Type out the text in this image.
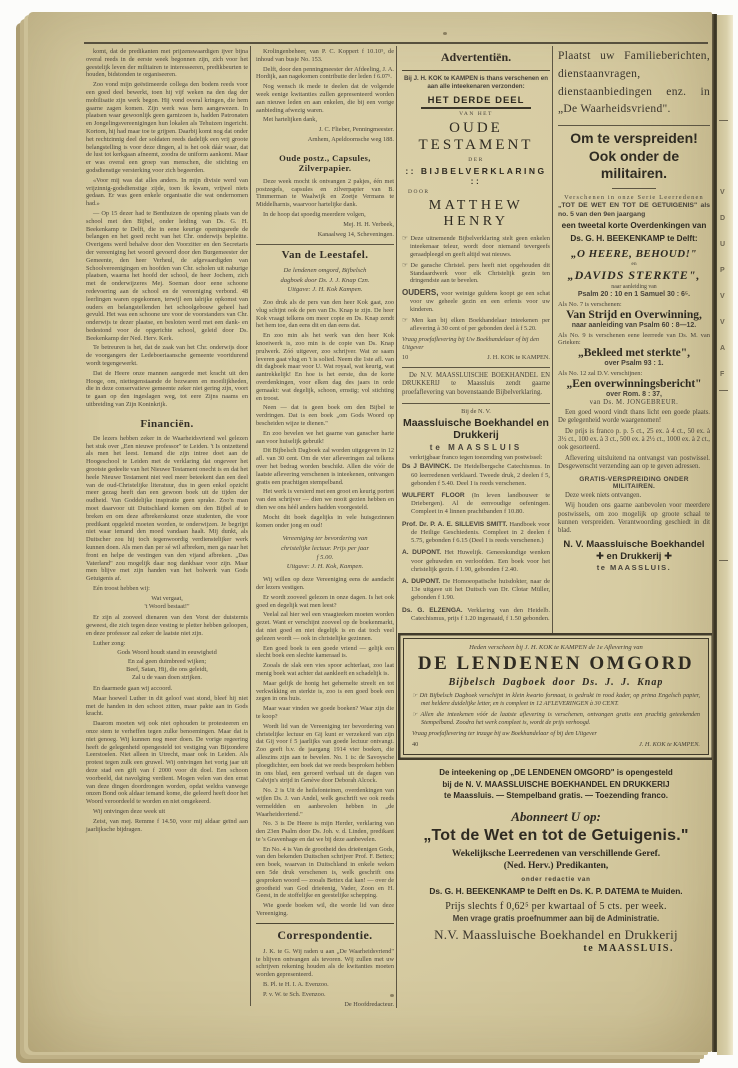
komt, dat de predikanten met prijzenswaardigen ijver bijna overal reeds in de eerste week begonnen zijn, zich voor het geestelijk leven der militairen te interesseeren, predikbeurten te houden, bidstonden te organiseeren.
Zoo vond mijn geëstimeerde collega den bodem reeds voor een goed deel bewerkt, toen hij vijf weken na den dag der mobilisatie zijn werk begon. Hij vond overal kringen, die hem gaarne zagen komen. Zijn werk was hem aangewezen. In plaatsen waar gewoonlijk geen garnizoen is, hadden Patronaten en Jongelingsvereenigingen hun lokalen als Tehuizen ingericht. Kortom, hij had maar toe te grijpen. Daarbij komt nog dat onder het rechtzinnig deel der soldaten reeds dadelijk een vrij groote belangstelling is voor deze dingen, al is het ook dáár waar, dat de lust tot kerkgaan afneemt, zoodra de uniform aankomt. Maar er was overal een groep van menschen, die stichting en godsdienstige versterking voor zich begeerden.
«Voor mij was dat alles anders. In mijn divisie werd van vrijzinnig-godsdienstige zijde, toen ik kwam, vrijwel niets gedaan. Er was geen enkele organisatie die wat ondernomen had.»
— Op 15 dezer had te Benthuizen de opening plaats van de school met den Bijbel, onder leiding van Ds. G. H. Beekenkamp te Delft, die in eene keurige openingsrede de belangen en het goed recht van het Chr. onderwijs bepleitte. Overigens werd behalve door den Voorzitter en den Secretaris der vereeniging het woord gevoerd door den Burgemeester der Gemeente, den heer Verheul, de afgevaardigden van Schoolvereenigingen en hoofden van Chr. scholen uit naburige plaatsen, waarna het hoofd der school, de heer Jochem, zich met de onderwijzeres Mej. Soeman door eene schoone redevoering aan de school en de vereeniging verbond. 48 leerlingen waren opgekomen, terwijl een talrijke opkomst van ouders en belangstellenden het schoolgebouw geheel had gevuld. Het was een schoone ure voor de voorstanders van Chr. onderwijs te dezer plaatse, en besloten werd met een dank- en bedestond voor de opgerichte school, geleid door Ds. Beekenkamp der Ned. Herv. Kerk.
Te betreuren is het, dat de zaak van het Chr. onderwijs door de voorgangers der Ledeboeriaansche gemeente voortdurend wordt tegengewerkt.
Dat de Heere onze mannen aangorde met kracht uit den Hooge, om, niettegenstaande de bezwaren en moeilijkheden, die in deze conservatieve gemeente zeker niet gering zijn, voort te gaan op den ingeslagen weg, tot eere Zijns naams en uitbreiding van Zijn Koninkrijk.
Financiën.
De lezers hebben zeker in de Waarheidsvriend wel gelezen het stuk over „Een nieuwe professor" te Leiden. 't Is ontzettend als men het leest. Iemand die zijn intree doet aan de Hoogeschool te Leiden met de verklaring dat ongeveer het grootste gedeelte van het Nieuwe Testament onecht is en dat het heele Nieuwe Testament niet veel meer beteekent dan een deel van de oud-Christelijke literatuur, dus in geen enkel opzicht meer gezag heeft dan een gewoon boek uit de tijden der oudheid. Van Goddelijke inspiratie geen sprake. Zoo'n man moet daarvoor uit Duitschland komen om den Bijbel af te breken en om deze afbrekerskunst onze studenten, die voor predikant opgeleid moeten worden, te onderwijzen. Je begrijpt niet waar iemand den moed vandaan haalt. Mij dunkt, als Duitscher zou hij toch tegenwoordig verdienstelijker werk kunnen doen. Als men dan per sé wil afbreken, men ga naar het front en helpe de vestingen van den vijand afbreken. „Das Vaterland" zou mogelijk daar nog dankbaar voor zijn. Maar men blijve met zijn handen van het bolwerk van Gods Getuigenis af.
Eén troost hebben wij:
Wat vergaat,
't Woord bestaat!"
Er zijn al zooveel dienaren van den Vorst der duisternis geweest, die zich tegen deze vesting te pletter hebben geloopen, en deze professor zal zeker de laatste niet zijn.
Luther zong:
Gods Woord houdt stand in eeuwigheid
En zal geen duimbreed wijken;
Beef, Satan, Hij, die ons geleidt,
Zal u de vaan doen strijken.
En daarmede gaan wij accoord.
Maar hoewel Luther in dit geloof vast stond, bleef hij niet met de handen in den schoot zitten, maar pakte aan in Gods kracht.
Daarom moeten wij ook niet ophouden te protesteeren en onze stem te verheffen tegen zulke benoemingen. Maar dat is niet genoeg. Wij kunnen nog meer doen. De vorige regeering heeft de gelegenheid opengesteld tot vestiging van Bijzondere Leerstoelen. Niet alleen in Utrecht, maar ook in Leiden. Als protest tegen zulk een gruwel. Wij ontvingen het vorig jaar uit deze stad een gift van f 2000 voor dit doel. Een schoon voorbeeld, dat navolging verdient. Mogen velen van den ernst van deze dingen doordrongen worden, opdat weldra vanwege onzen Bond ook aldaar iemand kome, die geleerd heeft door het Woord veroordeeld te worden en niet omgekeerd.
Wij ontvingen deze week uit
Zeist, van mej. Remme f 14.50, voor mij aldaar geïnd aan jaarlijksche bijdragen.
Krolingenbeheer, van P. C. Koppert f 10.10⁵, de inhoud van busje No. 153.
Delft, door den penningmeester der Afdeeling, J. A. Hordijk, aan nagekomen contributie der leden f 6.07⁵.
Nog wensch ik mede te deelen dat de volgende week eenige kwitanties zullen gepresenteerd worden aan nieuwe leden en aan enkelen, die bij een vorige aanbieding afwezig waren.
Met hartelijken dank,
J. C. Flieber, Penningmeester.
Arnhem, Apeldoornsche weg 188.
Oude postz., Capsules, Zilverpapier.
Deze week mocht ik ontvangen 2 pakjes, één met postzegels, capsules en zilverpapier van B. Timmerman te Waalwijk en Zoetje Vermans te Middelharnis, waarvoor hartelijke dank.
In de hoop dat spoedig meerdere volgen,
Mej. H. H. Verbeek,
Kanaalweg 14, Scheveningen.
Van de Leestafel.
De lendenen omgord, Bijbelsch
dagboek door Ds. J. J. Knap Czn.
Uitgave: J. H. Kok Kampen.
Zoo druk als de pers van den heer Kok gaat, zoo vlug schijnt ook de pen van Ds. Knap te zijn. De heer Kok vraagt telkens om meer copie en Ds. Knap zendt het hem toe, dan eens dit en dan eens dat.
En zoo min als het werk van den heer Kok knoeiwerk is, zoo min is de copie van Ds. Knap prulwerk. Zóó uitgever, zoo schrijver. Wat ze saam leveren gaat vlug en 't is solied. Neem die 1ste afl. van dit dagboek maar voor U. Wat royaal, wat keurig, wat aantrekkelijk! En hoe is het eerste, dus de korte overdenkingen, voor elken dag des jaars in orde gemaakt: wat degelijk, schoon, ernstig; vol stichting en troost.
Neen — dat is geen boek om den Bijbel te verdringen. Dat is een boek „om Gods Woord op bescheiden wijze te dienen."
En zoo bevelen we het gaarne van ganscher harte aan voor huiselijk gebruik!
Dit Bijbelsch Dagboek zal worden uitgegeven in 12 afl. van 30 cent. Om de vier afleveringen zal telkens over het bedrag worden beschikt. Allen die vóór de laatste aflevering verschenen is inteekenen, ontvangen gratis een prachtigen stempelband.
Het werk is versierd met een groot en keurig portret van den schrijver — dien we nooit gezien hebben en dien we ons héél anders hadden voorgesteld.
Mocht dit boek dagelijks in vele huisgezinnen komen onder jong en oud!
Vereeniging ter bevordering van
christelijke lectuur. Prijs per jaar
f 5.00.
Uitgave: J. H. Kok, Kampen.
Wij willen op deze Vereeniging eens de aandacht der lezers vestigen.
Er wordt zooveel gelezen in onze dagen. Is het ook goed en degelijk wat men leest?
Veelal zal hier wel een vraagteeken moeten worden gezet. Want er verschijnt zooveel op de boekenmarkt, dat niet goed en niet degelijk is en dat toch veel gelezen wordt — ook in christelijke gezinnen.
Een goed boek is een goede vriend — gelijk een slecht boek een slechte kameraad is.
Zooals de slak een vies spoor achterlaat, zoo laat menig boek wat achter dat aankleeft en schadelijk is.
Maar gelijk de honig het gehemelte streelt en tot verkwikking en sterkte is, zoo is een goed boek een zegen in ons huis.
Maar waar vinden we goede boeken? Waar zijn die te koop?
Wordt lid van de Vereeniging ter bevordering van christelijke lectuur en Gij kunt er verzekerd van zijn dat Gij voor f 5 jaarlijks van goede lectuur ontvangt. Zoo geeft b.v. de jaargang 1914 vier boeken, die alleszins zijn aan te bevelen. No. 1 is: de Savoysche ploegdichter, een boek dat we reeds besproken hebben in ons blad, een geroerd verhaal uit de dagen van Calvijn's strijd in Genève door Deborah Alcock.
No. 2 is Uit de heilsfonteinen, overdenkingen van wijlen Ds. J. van Andel, welk geschrift we ook reeds vermeldden en aanbevolen hebben in „de Waarheidsvriend."
No. 3 is De Heere is mijn Herder, verklaring van den 23en Psalm door Ds. Joh. v. d. Linden, predikant te 's Gravenhage en dat we bij deze aanbevelen.
En No. 4 is Van de grootheid des drieëenigen Gods, van den bekenden Duitschen schrijver Prof. F. Bettex; een boek, waarvan in Duitschland in enkele weken een 5de druk verschenen is, welk geschrift ons gesproken woord — zooals Bettex dat kan! — over de grootheid van God drieëenig, Vader, Zoon en H. Geest, in de stoffelijke en geestelijke schepping.
Wie goede boeken wil, die worde lid van deze Vereeniging.
Correspondentie.
J. K. te G. Wij raden u aan „De Waarheidsvriend" te blijven ontvangen als tevoren. Wij zullen met uw schrijven rekening houden als de kwitanties moeten worden gepresenteerd.
B. Pl. te H. I. A. Evenzoo.
P. v. W. te Sch. Evenzoo.
De Hoofdredacteur.
Advertentiën.
Bij J. H. KOK te KAMPEN is thans verschenen en aan alle inteekenaren verzonden:
HET DERDE DEEL
VAN HET
OUDE TESTAMENT
DER
:: BIJBELVERKLARING ::
DOOR
MATTHEW HENRY
☞ Deze uitnemende Bijbelverklaring stelt geen enkelen inteekenaar teleur, wordt door niemand tevergeefs geraadpleegd en geeft altijd wat nieuws.
☞ De gansche Christel. pers heeft niet opgehouden dit Standaardwerk voor elk Christelijk gezin ten dringendste aan te bevelen.
OUDERS, voor weinige guldens koopt ge een schat voor uw geheele gezin en een erfenis voor uw kinderen.
☞ Men kan bij elken Boekhandelaar inteekenen per aflevering à 30 cent of per gebonden deel à f 5.20.
Vraag proefaflevering bij Uw Boekhandelaar of bij den Uitgever
10	J. H. KOK te KAMPEN.
De N.V. MAASSLUISCHE BOEKHANDEL EN DRUKKERIJ te Maassluis zendt gaarne proefaflevering van bovenstaande Bijbelverklaring.
Bij de N. V.
Maassluische Boekhandel en Drukkerij
te MAASSLUIS
verkrijgbaar franco tegen toezending van postwissel:
Ds J BAVINCK. De Heidelbergsche Catechismus. In 60 leerredenen verklaard. Tweede druk, 2 deelen f 5, gebonden f 5.40. Deel I is reeds verschenen.
WULFERT FLOOR (In leven landbouwer te Driebergen). Al de eenvoudige oefeningen. Compleet in 4 linnen prachtbanden f 10.80.
Prof. Dr. P. A. E. SILLEVIS SMITT. Handboek voor de Heilige Geschiedenis. Compleet in 2 deelen f 5.75, gebonden f 6.15 (Deel I is reeds verschenen.)
A. DUPONT. Het Huwelijk. Geneeskundige wenken voor gehuwden en verloofden. Een boek voor het christelijk gezin. f 1.90, gebonden f 2.40.
A. DUPONT. De Homoeopatische huisdokter, naar de 13e uitgave uit het Duitsch van Dr. Clotar Müller, gebonden f 1.90.
Ds. G. ELZENGA. Verklaring van den Heidelb. Catechismus, prijs f 1.20 ingenaaid, f 1.50 gebonden.
Plaatst uw Familieberichten, dienstaanvragen, dienstaanbiedingen enz. in „De Waarheidsvriend".
Om te verspreiden!
Ook onder de militairen.
Verschenen in onze Serie Leerredenen
„TOT DE WET EN TOT DE GETUIGENIS" als no. 5 van den 9en jaargang
een tweetal korte Overdenkingen van
Ds. G. H. BEEKENKAMP te Delft:
„O HEERE, BEHOUD!"
en
„DAVIDS STERKTE",
naar aanleiding van
Psalm 20 : 10 en 1 Samuel 30 : 6⁵.
Als No. 7 is verschenen:
Van Strijd en Overwinning,
naar aanleiding van Psalm 60 : 8—12.
Als No. 9 is verschenen eene leerrede van Ds. M. van Grieken:
„Bekleed met sterkte",
over Psalm 93 : 1.
Als No. 12 zal D.V. verschijnen:
„Een overwinningsbericht"
over Rom. 8 : 37,
van Ds. M. JONGEBREUR.
Een goed woord vindt thans licht een goede plaats. De gelegenheid worde waargenomen!
De prijs is franco p. p. 5 ct., 25 ex. à 4 ct., 50 ex. à 3½ ct., 100 ex. à 3 ct., 500 ex. à 2½ ct., 1000 ex. à 2 ct., ook gesorteerd.
Aflevering uitsluitend na ontvangst van postwissel. Desgewenscht verzending aan op te geven adressen.
GRATIS-VERSPREIDING ONDER MILITAIREN.
Deze week niets ontvangen.
Wij houden ons gaarne aanbevolen voor meerdere postwissels, om zoo mogelijk op groote schaal te kunnen verspreiden. Verantwoording geschiedt in dit blad.
N. V. Maassluische Boekhandel
✚ en Drukkerij ✚
te MAASSLUIS.
Heden verscheen bij J. H. KOK te KAMPEN de 1e Aflevering van
DE LENDENEN OMGORD
Bijbelsch Dagboek door Ds. J. J. Knap
☞ Dit Bijbelsch Dagboek verschijnt in klein kwarto formaat, is gedrukt in rood kader, op prima Engelsch papier, met heldere duidelijke letter, en is compleet in 12 AFLEVERINGEN à 30 CENT.
☞ Allen die inteekenen vóór de laatste aflevering is verschenen, ontvangen gratis een prachtig geteekenden Stempelband. Zoodra het werk compleet is, wordt de prijs verhoogd.
Vraag proefaflevering ter inzage bij uw Boekhandelaar of bij den Uitgever
40	J. H. KOK te KAMPEN.
De inteekening op „DE LENDENEN OMGORD" is opengesteld
bij de N. V. MAASSLUISCHE BOEKHANDEL EN DRUKKERIJ
te Maassluis. — Stempelband gratis. — Toezending franco.
Abonneert U op:
„Tot de Wet en tot de Getuigenis."
Wekelijksche Leerredenen van verschillende Geref.
(Ned. Herv.) Predikanten,
onder redactie van
Ds. G. H. BEEKENKAMP te Delft en Ds. K. P. DATEMA te Muiden.
Prijs slechts f 0,62⁵ per kwartaal of 5 cts. per week.
Men vrage gratis proefnummer aan bij de Administratie.
N.V. Maassluische Boekhandel en Drukkerij
te MAASSLUIS.
V D U P V V A F
